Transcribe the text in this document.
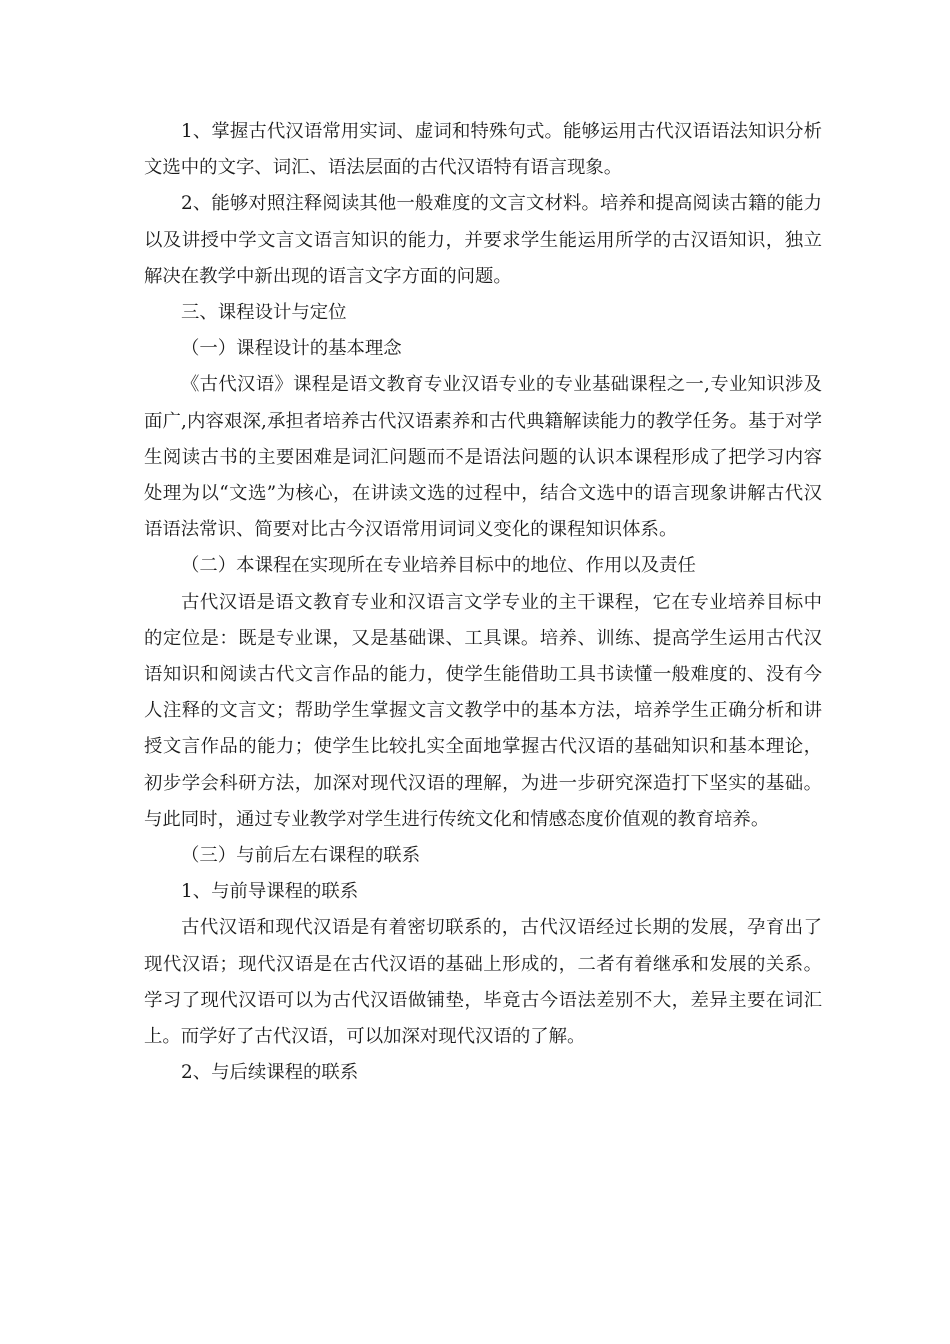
1、掌握古代汉语常用实词、虚词和特殊句式。能够运用古代汉语语法知识分析文选中的文字、词汇、语法层面的古代汉语特有语言现象。

2、能够对照注释阅读其他一般难度的文言文材料。培养和提高阅读古籍的能力以及讲授中学文言文语言知识的能力，并要求学生能运用所学的古汉语知识，独立解决在教学中新出现的语言文字方面的问题。

三、课程设计与定位

（一）课程设计的基本理念

《古代汉语》课程是语文教育专业汉语专业的专业基础课程之一,专业知识涉及面广,内容艰深,承担者培养古代汉语素养和古代典籍解读能力的教学任务。基于对学生阅读古书的主要困难是词汇问题而不是语法问题的认识本课程形成了把学习内容处理为以“文选”为核心，在讲读文选的过程中，结合文选中的语言现象讲解古代汉语语法常识、简要对比古今汉语常用词词义变化的课程知识体系。

（二）本课程在实现所在专业培养目标中的地位、作用以及责任

古代汉语是语文教育专业和汉语言文学专业的主干课程，它在专业培养目标中的定位是：既是专业课，又是基础课、工具课。培养、训练、提高学生运用古代汉语知识和阅读古代文言作品的能力，使学生能借助工具书读懂一般难度的、没有今人注释的文言文；帮助学生掌握文言文教学中的基本方法，培养学生正确分析和讲授文言作品的能力；使学生比较扎实全面地掌握古代汉语的基础知识和基本理论，初步学会科研方法，加深对现代汉语的理解，为进一步研究深造打下坚实的基础。与此同时，通过专业教学对学生进行传统文化和情感态度价值观的教育培养。

（三）与前后左右课程的联系

1、与前导课程的联系

古代汉语和现代汉语是有着密切联系的，古代汉语经过长期的发展，孕育出了现代汉语；现代汉语是在古代汉语的基础上形成的，二者有着继承和发展的关系。学习了现代汉语可以为古代汉语做铺垫，毕竟古今语法差别不大，差异主要在词汇上。而学好了古代汉语，可以加深对现代汉语的了解。

2、与后续课程的联系
